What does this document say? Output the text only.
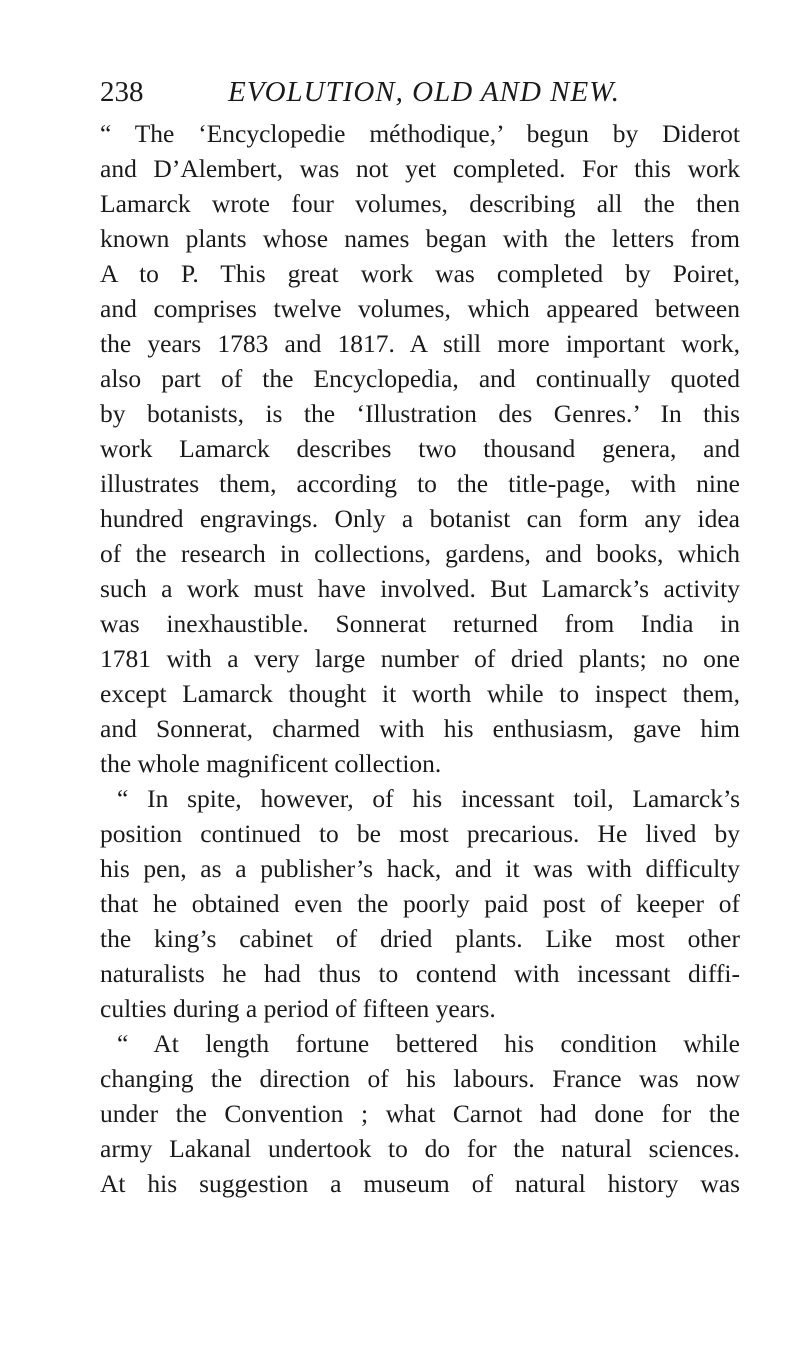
238	EVOLUTION, OLD AND NEW.
“ The ‘Encyclopedie méthodique,’ begun by Diderot
and D’Alembert, was not yet completed. For this work
Lamarck wrote four volumes, describing all the then
known plants whose names began with the letters from
A to P. This great work was completed by Poiret,
and comprises twelve volumes, which appeared between
the years 1783 and 1817. A still more important work,
also part of the Encyclopedia, and continually quoted
by botanists, is the ‘Illustration des Genres.’ In this
work Lamarck describes two thousand genera, and
illustrates them, according to the title-page, with nine
hundred engravings. Only a botanist can form any idea
of the research in collections, gardens, and books, which
such a work must have involved. But Lamarck’s activity
was inexhaustible. Sonnerat returned from India in
1781 with a very large number of dried plants; no one
except Lamarck thought it worth while to inspect them,
and Sonnerat, charmed with his enthusiasm, gave him
the whole magnificent collection.
“ In spite, however, of his incessant toil, Lamarck’s
position continued to be most precarious. He lived by
his pen, as a publisher’s hack, and it was with difficulty
that he obtained even the poorly paid post of keeper of
the king’s cabinet of dried plants. Like most other
naturalists he had thus to contend with incessant diffi-
culties during a period of fifteen years.
“ At length fortune bettered his condition while
changing the direction of his labours. France was now
under the Convention ; what Carnot had done for the
army Lakanal undertook to do for the natural sciences.
At his suggestion a museum of natural history was
